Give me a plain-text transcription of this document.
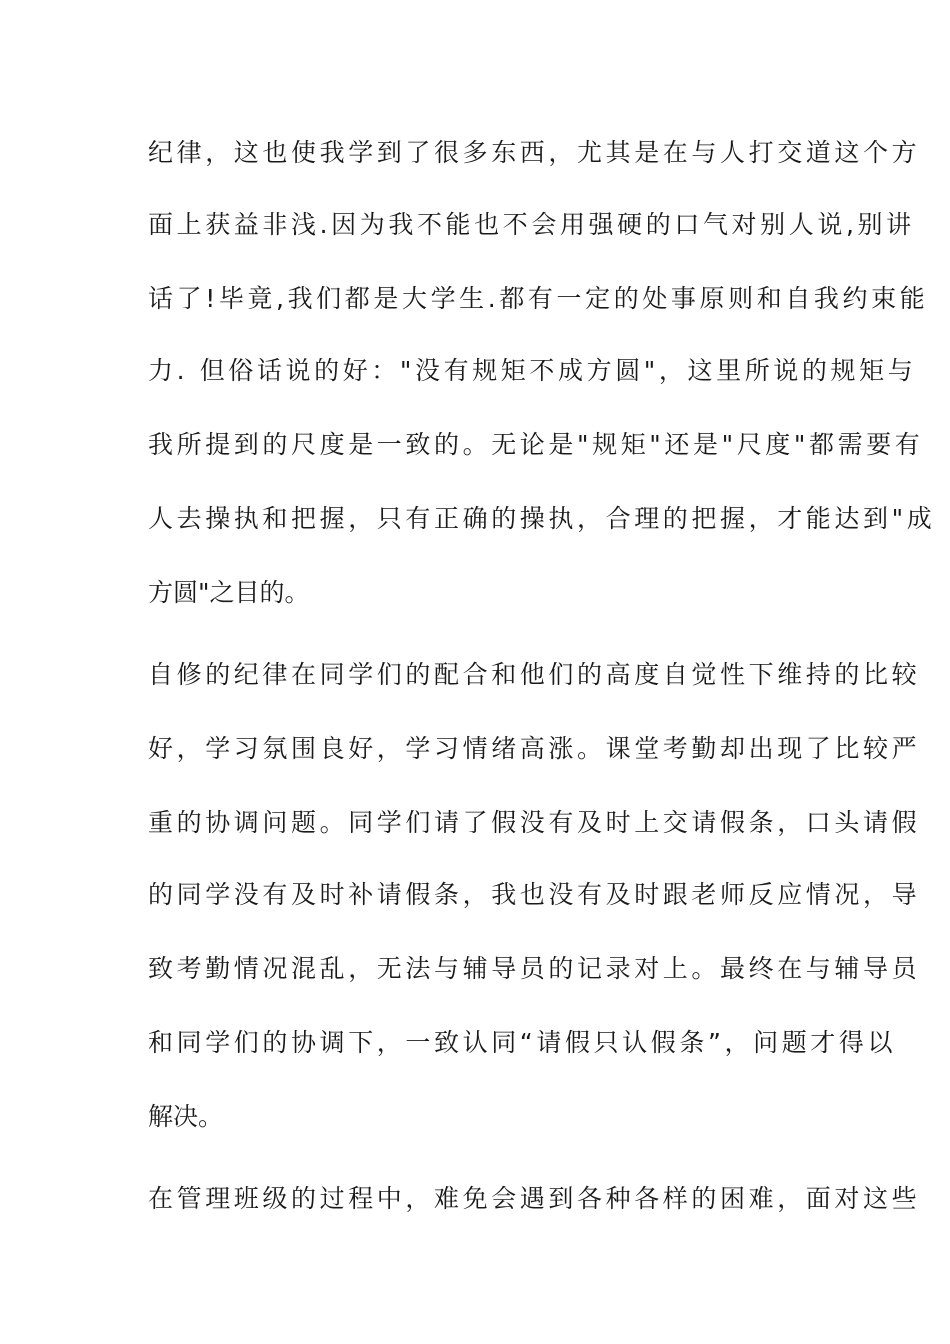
纪律，这也使我学到了很多东西，尤其是在与人打交道这个方
面上获益非浅.因为我不能也不会用强硬的口气对别人说,别讲
话了!毕竟,我们都是大学生.都有一定的处事原则和自我约束能
力. 但俗话说的好："没有规矩不成方圆"，这里所说的规矩与
我所提到的尺度是一致的。无论是"规矩"还是"尺度"都需要有
人去操执和把握，只有正确的操执，合理的把握，才能达到"成
方圆"之目的。
自修的纪律在同学们的配合和他们的高度自觉性下维持的比较
好，学习氛围良好，学习情绪高涨。课堂考勤却出现了比较严
重的协调问题。同学们请了假没有及时上交请假条，口头请假
的同学没有及时补请假条，我也没有及时跟老师反应情况，导
致考勤情况混乱，无法与辅导员的记录对上。最终在与辅导员
和同学们的协调下，一致认同“请假只认假条”，问题才得以
解决。
在管理班级的过程中，难免会遇到各种各样的困难，面对这些
